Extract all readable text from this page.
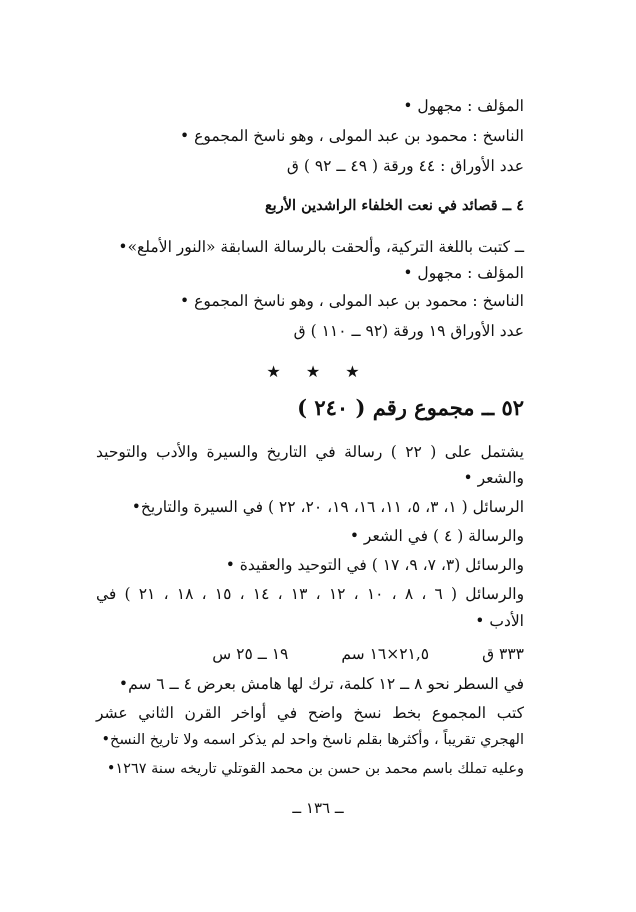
المؤلف : مجهول •
الناسخ : محمود بن عبد المولى ، وهو ناسخ المجموع •
عدد الأوراق : ٤٤ ورقة ( ٤٩ ــ ٩٢ ) ق
٤ ــ قصائد في نعت الخلفاء الراشدين الأربع
ــ كتبت باللغة التركية، وألحقت بالرسالة السابقة «النور الأملع»•
المؤلف : مجهول •
الناسخ : محمود بن عبد المولى ، وهو ناسخ المجموع •
عدد الأوراق ١٩ ورقة (٩٢ ــ ١١٠ ) ق
★ ★ ★
٥٢ ــ مجموع رقم ( ٢٤٠ )
يشتمل على ( ٢٢ ) رسالة في التاريخ والسيرة والأدب والتوحيد
والشعر •
الرسائل ( ١، ٣، ٥، ١١، ١٦، ١٩، ٢٠، ٢٢ ) في السيرة والتاريخ•
والرسالة ( ٤ ) في الشعر •
والرسائل (٣، ٧، ٩، ١٧ ) في التوحيد والعقيدة •
والرسائل ( ٦ ، ٨ ، ١٠ ، ١٢ ، ١٣ ، ١٤ ، ١٥ ، ١٨ ، ٢١ ) في
الأدب •
٣٣٣ ق ٢١,٥×١٦ سم ١٩ ــ ٢٥ س
في السطر نحو ٨ ــ ١٢ كلمة، ترك لها هامش بعرض ٤ ــ ٦ سم•
كتب المجموع بخط نسخ واضح في أواخر القرن الثاني عشر
الهجري تقريباً ، وأكثرها بقلم ناسخ واحد لم يذكر اسمه ولا تاريخ النسخ•
وعليه تملك باسم محمد بن حسن بن محمد القوتلي تاريخه سنة ١٢٦٧•
ــ ١٣٦ ــ
